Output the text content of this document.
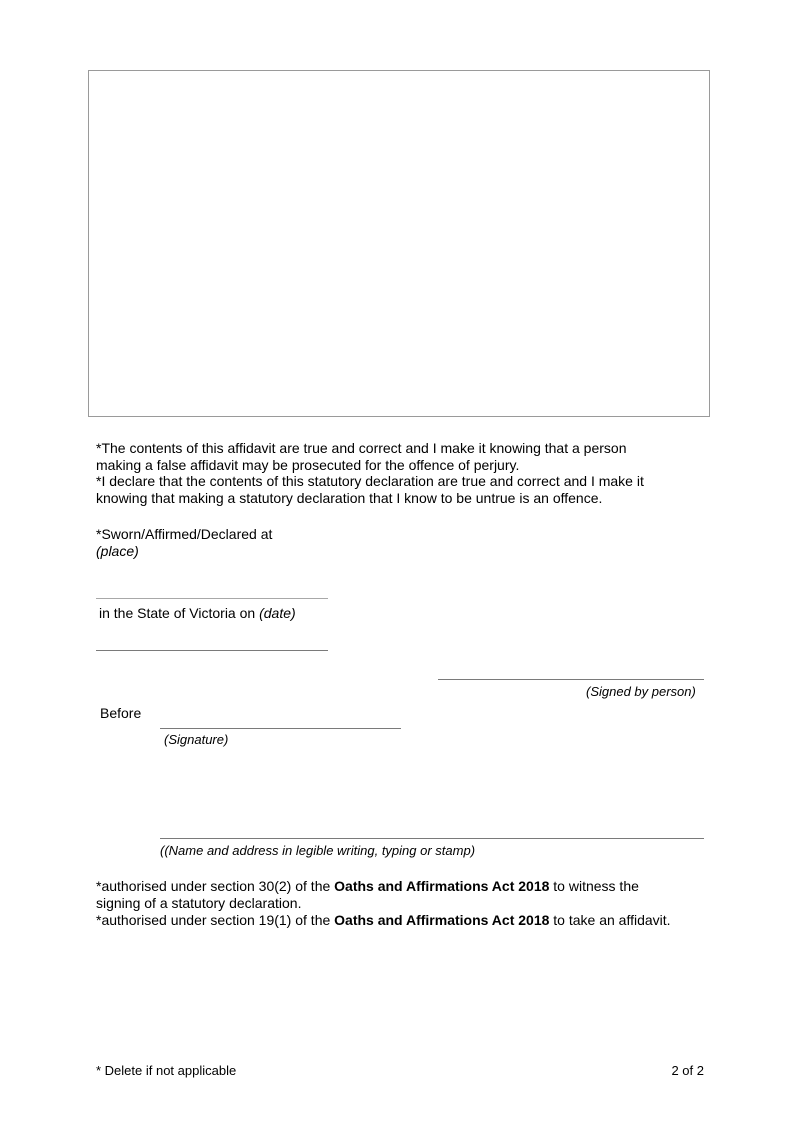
*The contents of this affidavit are true and correct and I make it knowing that a person
making a false affidavit may be prosecuted for the offence of perjury.
*I declare that the contents of this statutory declaration are true and correct and I make it
knowing that making a statutory declaration that I know to be untrue is an offence.
*Sworn/Affirmed/Declared at
(place)
in the State of Victoria on (date)
(Signed by person)
Before
(Signature)
((Name and address in legible writing, typing or stamp)
*authorised under section 30(2) of the Oaths and Affirmations Act 2018 to witness the
signing of a statutory declaration.
*authorised under section 19(1) of the Oaths and Affirmations Act 2018 to take an affidavit.
* Delete if not applicable	2 of 2
